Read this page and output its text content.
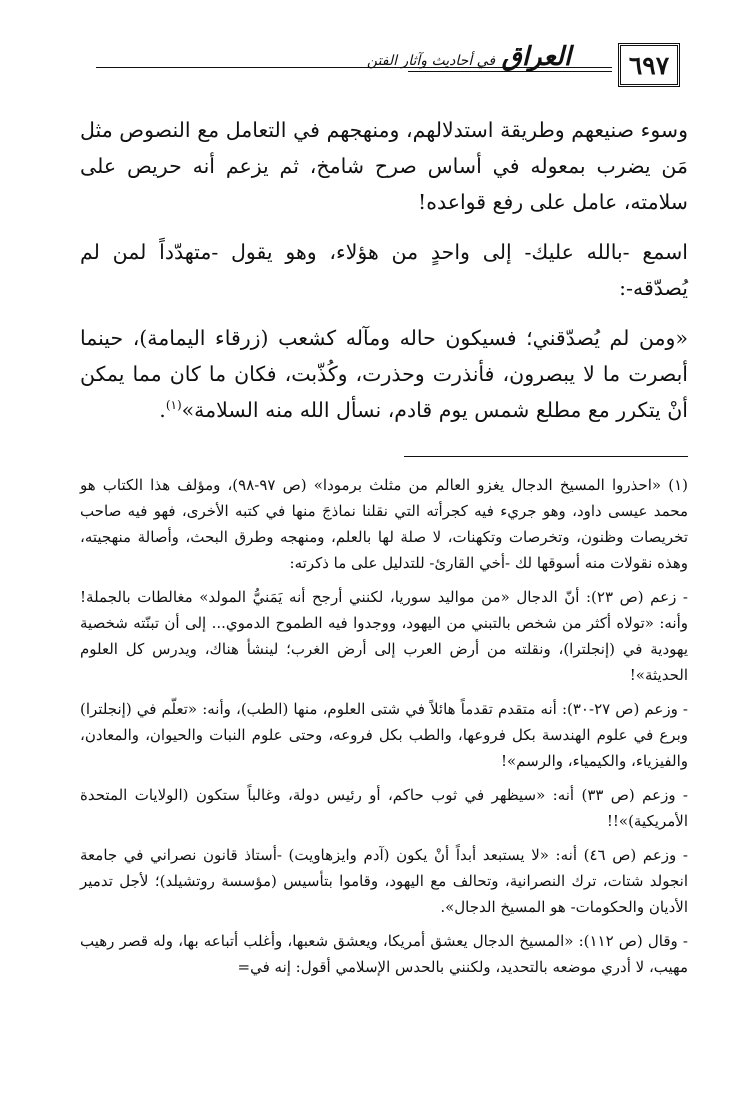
٦٩٧
العراق في أحاديث وآثار الفتن

وسوء صنيعهم وطريقة استدلالهم، ومنهجهم في التعامل مع النصوص مثل مَن يضرب بمعوله في أساس صرح شامخ، ثم يزعم أنه حريص على سلامته، عامل على رفع قواعده!

اسمع -بالله عليك- إلى واحدٍ من هؤلاء، وهو يقول -متهدّداً لمن لم يُصدّقه-:

«ومن لم يُصدّقني؛ فسيكون حاله ومآله كشعب (زرقاء اليمامة)، حينما أبصرت ما لا يبصرون، فأنذرت وحذرت، وكُذّبت، فكان ما كان مما يمكن أنْ يتكرر مع مطلع شمس يوم قادم، نسأل الله منه السلامة»$^{(١)}$.

(١) «احذروا المسيخ الدجال يغزو العالم من مثلث برمودا» (ص ٩٧-٩٨)، ومؤلف هذا الكتاب هو محمد عيسى داود، وهو جريء فيه كجرأته التي نقلنا نماذجَ منها في كتبه الأخرى، فهو فيه صاحب تخريصات وظنون، وتخرصات وتكهنات، لا صلة لها بالعلم، ومنهجه وطرق البحث، وأصالة منهجيته، وهذه نقولات منه أسوقها لك -أخي القارئ- للتدليل على ما ذكرته:

- زعم (ص ٢٣): أنّ الدجال «من مواليد سوريا، لكنني أرجح أنه يَمَنيُّ المولد» مغالطات بالجملة! وأنه: «تولاه أكثر من شخص بالتبني من اليهود، ووجدوا فيه الطموح الدموي... إلى أن تبنّته شخصية يهودية في (إنجلترا)، ونقلته من أرض العرب إلى أرض الغرب؛ لينشأ هناك، ويدرس كل العلوم الحديثة»!

- وزعم (ص ٢٧-٣٠): أنه متقدم تقدماً هائلاً في شتى العلوم، منها (الطب)، وأنه: «تعلّم في (إنجلترا) وبرع في علوم الهندسة بكل فروعها، والطب بكل فروعه، وحتى علوم النبات والحيوان، والمعادن، والفيزياء، والكيمياء، والرسم»!

- وزعم (ص ٣٣) أنه: «سيظهر في ثوب حاكم، أو رئيس دولة، وغالباً ستكون (الولايات المتحدة الأمريكية)»!!

- وزعم (ص ٤٦) أنه: «لا يستبعد أبداً أنْ يكون (آدم وايزهاويت) -أستاذ قانون نصراني في جامعة انجولد شتات، ترك النصرانية، وتحالف مع اليهود، وقاموا بتأسيس (مؤسسة روتشيلد)؛ لأجل تدمير الأديان والحكومات- هو المسيخ الدجال».

- وقال (ص ١١٢): «المسيخ الدجال يعشق أمريكا، ويعشق شعبها، وأغلب أتباعه بها، وله قصر رهيب مهيب، لا أدري موضعه بالتحديد، ولكنني بالحدس الإسلامي أقول: إنه في=
